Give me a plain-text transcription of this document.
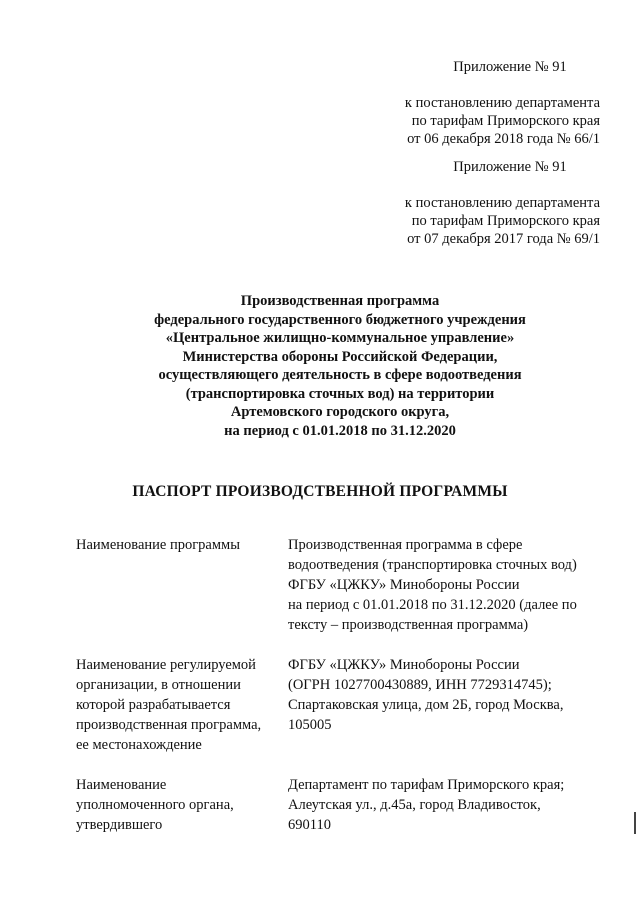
Приложение № 91
к постановлению департамента
по тарифам Приморского края
от 06 декабря 2018 года № 66/1
Приложение № 91
к постановлению департамента
по тарифам Приморского края
от 07 декабря 2017 года № 69/1
Производственная программа
федерального государственного бюджетного учреждения
«Центральное жилищно-коммунальное управление»
Министерства обороны Российской Федерации,
осуществляющего деятельность в сфере водоотведения
(транспортировка сточных вод) на территории
Артемовского городского округа,
на период с 01.01.2018 по 31.12.2020
ПАСПОРТ ПРОИЗВОДСТВЕННОЙ ПРОГРАММЫ
Наименование программы	Производственная программа в сфере
водоотведения (транспортировка сточных вод)
ФГБУ «ЦЖКУ» Минобороны России
на период с 01.01.2018 по 31.12.2020 (далее по
тексту – производственная программа)
Наименование регулируемой
организации, в отношении
которой разрабатывается
производственная программа,
ее местонахождение
ФГБУ «ЦЖКУ» Минобороны России
(ОГРН 1027700430889, ИНН 7729314745);
Спартаковская улица, дом 2Б, город Москва,
105005
Наименование
уполномоченного органа,
утвердившего
Департамент по тарифам Приморского края;
Алеутская ул., д.45а, город Владивосток,
690110
